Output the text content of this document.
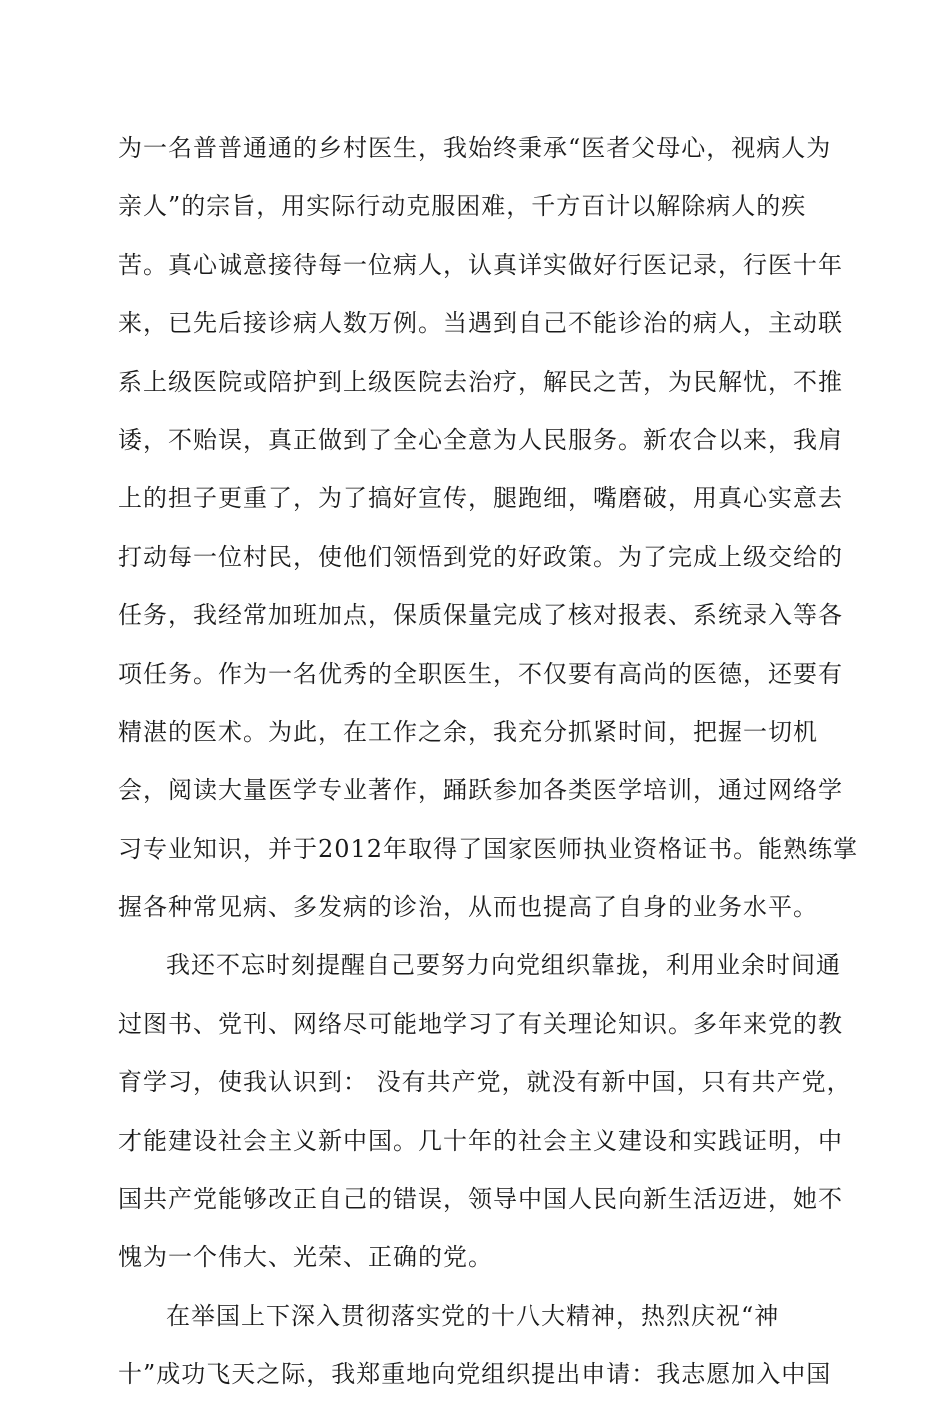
为一名普普通通的乡村医生，我始终秉承“医者父母心，视病人为
亲人”的宗旨，用实际行动克服困难，千方百计以解除病人的疾
苦。真心诚意接待每一位病人，认真详实做好行医记录，行医十年
来，已先后接诊病人数万例。当遇到自己不能诊治的病人，主动联
系上级医院或陪护到上级医院去治疗，解民之苦，为民解忧，不推
诿，不贻误，真正做到了全心全意为人民服务。新农合以来，我肩
上的担子更重了，为了搞好宣传，腿跑细，嘴磨破，用真心实意去
打动每一位村民，使他们领悟到党的好政策。为了完成上级交给的
任务，我经常加班加点，保质保量完成了核对报表、系统录入等各
项任务。作为一名优秀的全职医生，不仅要有高尚的医德，还要有
精湛的医术。为此，在工作之余，我充分抓紧时间，把握一切机
会，阅读大量医学专业著作，踊跃参加各类医学培训，通过网络学
习专业知识，并于2012年取得了国家医师执业资格证书。能熟练掌
握各种常见病、多发病的诊治，从而也提高了自身的业务水平。
我还不忘时刻提醒自己要努力向党组织靠拢，利用业余时间通
过图书、党刊、网络尽可能地学习了有关理论知识。多年来党的教
育学习，使我认识到： 没有共产党，就没有新中国，只有共产党，
才能建设社会主义新中国。几十年的社会主义建设和实践证明，中
国共产党能够改正自己的错误，领导中国人民向新生活迈进，她不
愧为一个伟大、光荣、正确的党。
在举国上下深入贯彻落实党的十八大精神，热烈庆祝“神
十”成功飞天之际，我郑重地向党组织提出申请：我志愿加入中国
